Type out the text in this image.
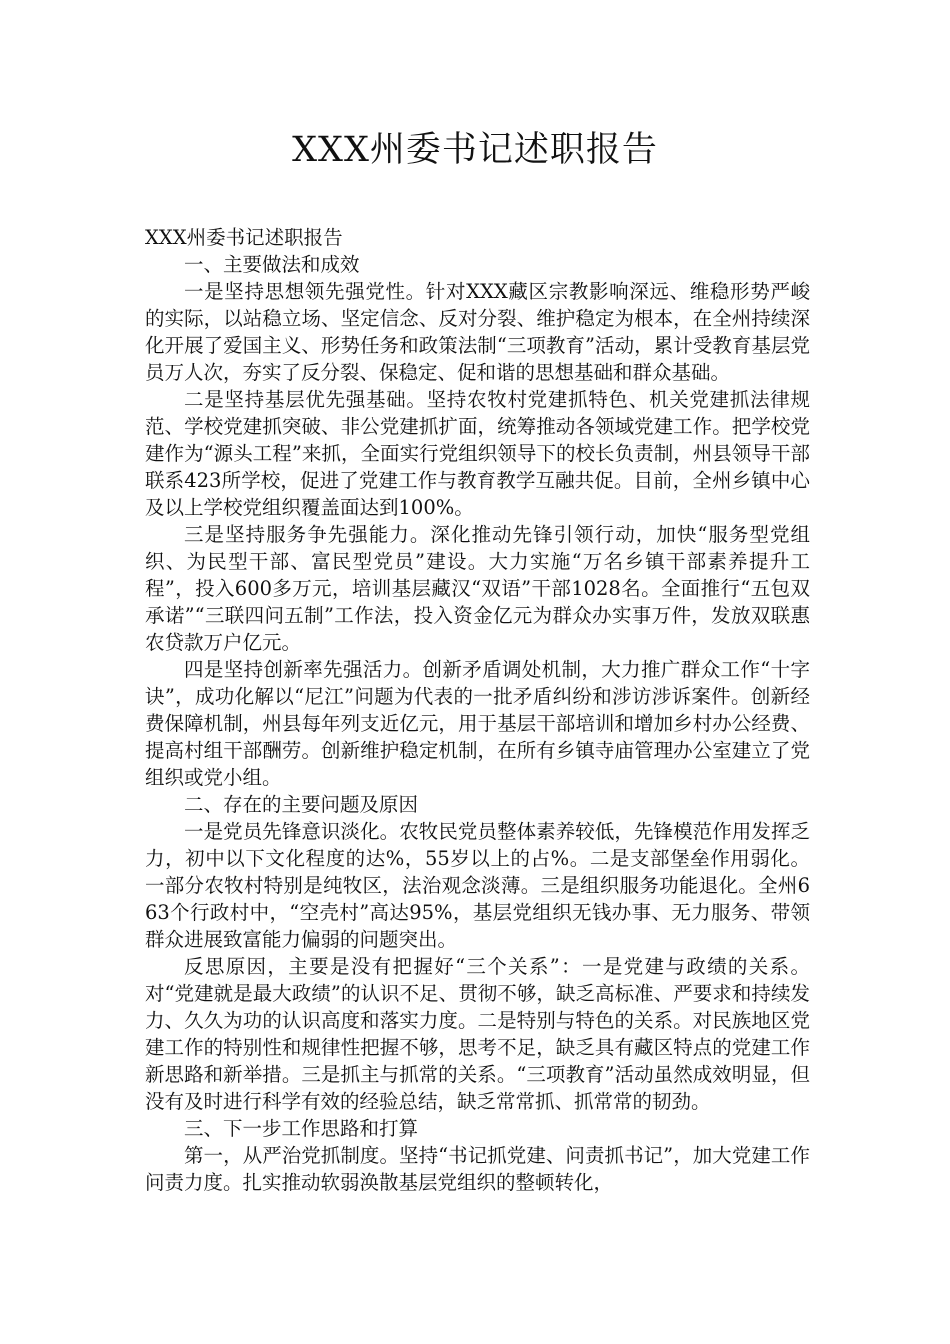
XXX州委书记述职报告

XXX州委书记述职报告

一、主要做法和成效

一是坚持思想领先强党性。针对XXX藏区宗教影响深远、维稳形势严峻的实际，以站稳立场、坚定信念、反对分裂、维护稳定为根本，在全州持续深化开展了爱国主义、形势任务和政策法制“三项教育”活动，累计受教育基层党员万人次，夯实了反分裂、保稳定、促和谐的思想基础和群众基础。

二是坚持基层优先强基础。坚持农牧村党建抓特色、机关党建抓法律规范、学校党建抓突破、非公党建抓扩面，统筹推动各领域党建工作。把学校党建作为“源头工程”来抓，全面实行党组织领导下的校长负责制，州县领导干部联系423所学校，促进了党建工作与教育教学互融共促。目前，全州乡镇中心及以上学校党组织覆盖面达到100%。

三是坚持服务争先强能力。深化推动先锋引领行动，加快“服务型党组织、为民型干部、富民型党员”建设。大力实施“万名乡镇干部素养提升工程”，投入600多万元，培训基层藏汉“双语”干部1028名。全面推行“五包双承诺”“三联四问五制”工作法，投入资金亿元为群众办实事万件，发放双联惠农贷款万户亿元。

四是坚持创新率先强活力。创新矛盾调处机制，大力推广群众工作“十字诀”，成功化解以“尼江”问题为代表的一批矛盾纠纷和涉访涉诉案件。创新经费保障机制，州县每年列支近亿元，用于基层干部培训和增加乡村办公经费、提高村组干部酬劳。创新维护稳定机制，在所有乡镇寺庙管理办公室建立了党组织或党小组。

二、存在的主要问题及原因

一是党员先锋意识淡化。农牧民党员整体素养较低，先锋模范作用发挥乏力，初中以下文化程度的达%，55岁以上的占%。二是支部堡垒作用弱化。一部分农牧村特别是纯牧区，法治观念淡薄。三是组织服务功能退化。全州663个行政村中，“空壳村”高达95%，基层党组织无钱办事、无力服务、带领群众进展致富能力偏弱的问题突出。

反思原因，主要是没有把握好“三个关系”：一是党建与政绩的关系。对“党建就是最大政绩”的认识不足、贯彻不够，缺乏高标准、严要求和持续发力、久久为功的认识高度和落实力度。二是特别与特色的关系。对民族地区党建工作的特别性和规律性把握不够，思考不足，缺乏具有藏区特点的党建工作新思路和新举措。三是抓主与抓常的关系。“三项教育”活动虽然成效明显，但没有及时进行科学有效的经验总结，缺乏常常抓、抓常常的韧劲。

三、下一步工作思路和打算

第一，从严治党抓制度。坚持“书记抓党建、问责抓书记”，加大党建工作问责力度。扎实推动软弱涣散基层党组织的整顿转化，
